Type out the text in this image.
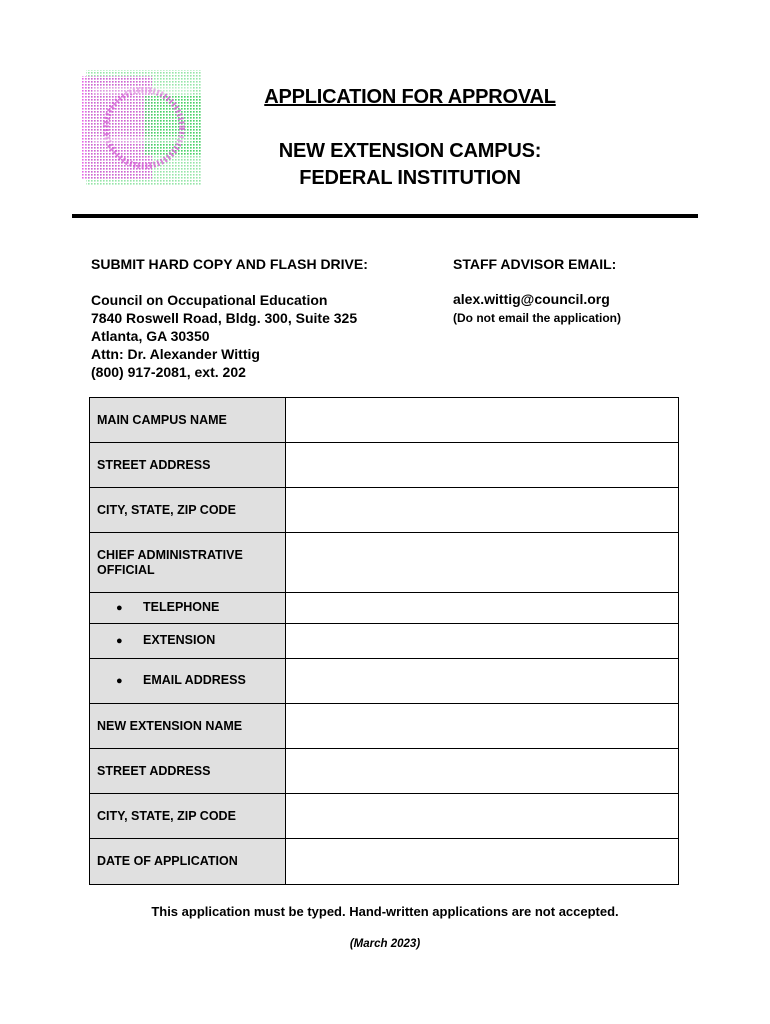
APPLICATION FOR APPROVAL
NEW EXTENSION CAMPUS:
FEDERAL INSTITUTION
SUBMIT HARD COPY AND FLASH DRIVE:	STAFF ADVISOR EMAIL:
Council on Occupational Education
7840 Roswell Road, Bldg. 300, Suite 325
Atlanta, GA 30350
Attn: Dr. Alexander Wittig
(800) 917-2081, ext. 202
alex.wittig@council.org
(Do not email the application)
MAIN CAMPUS NAME	
STREET ADDRESS	
CITY, STATE, ZIP CODE	
CHIEF ADMINISTRATIVE OFFICIAL	
● TELEPHONE	
● EXTENSION	
● EMAIL ADDRESS	
NEW EXTENSION NAME	
STREET ADDRESS	
CITY, STATE, ZIP CODE	
DATE OF APPLICATION	
This application must be typed. Hand-written applications are not accepted.
(March 2023)
